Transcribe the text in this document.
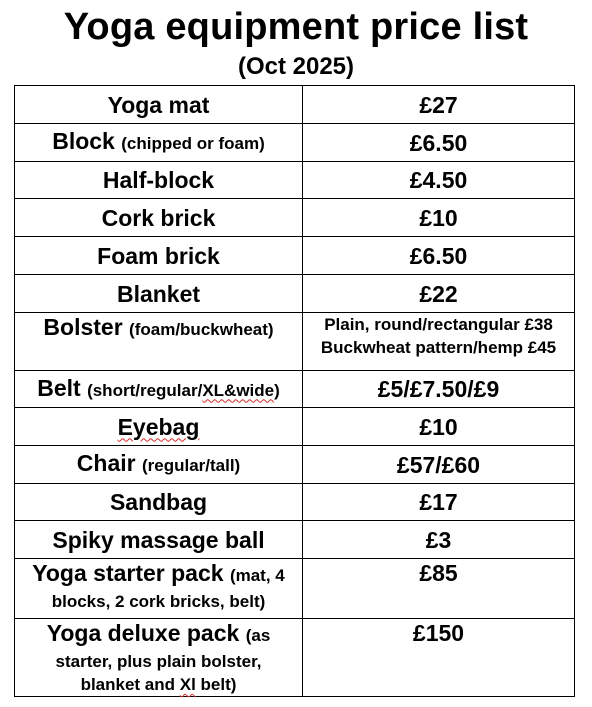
Yoga equipment price list
(Oct 2025)
Yoga mat	£27
Block (chipped or foam)	£6.50
Half-block	£4.50
Cork brick	£10
Foam brick	£6.50
Blanket	£22
Bolster (foam/buckwheat)	Plain, round/rectangular £38
Buckwheat pattern/hemp £45

Belt (short/regular/XL&wide)	£5/£7.50/£9
Eyebag	£10
Chair (regular/tall)	£57/£60
Sandbag	£17
Spiky massage ball	£3

Yoga starter pack (mat, 4
blocks, 2 cork bricks, belt)	£85

Yoga deluxe pack (as
starter, plus plain bolster,
blanket and Xl belt)	£150
